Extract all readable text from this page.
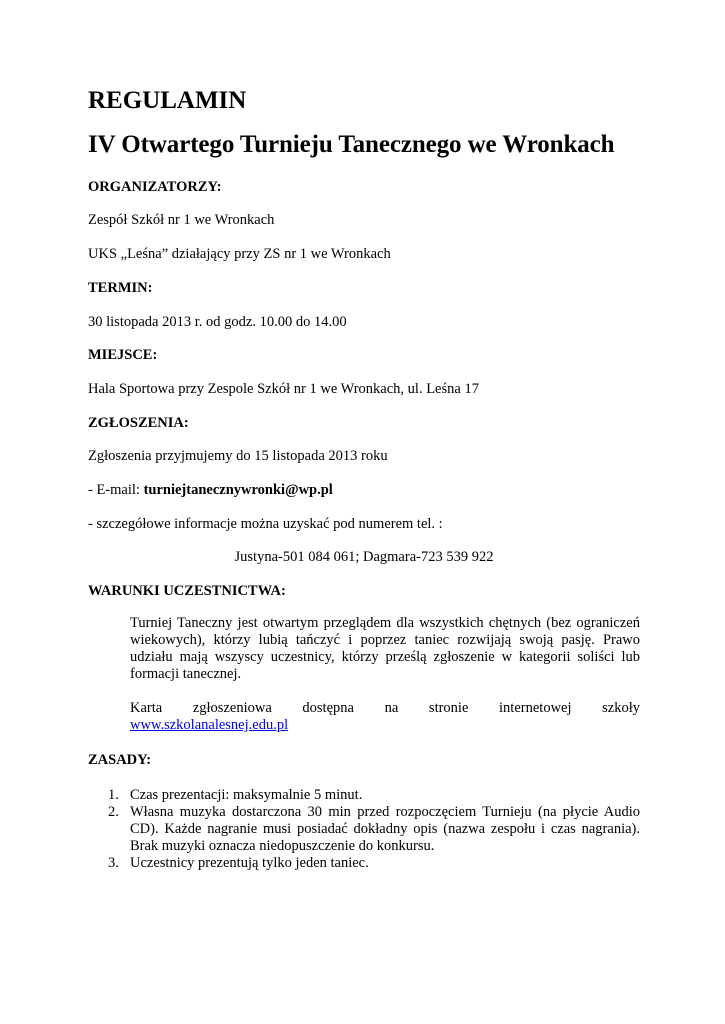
REGULAMIN
IV Otwartego Turnieju Tanecznego we Wronkach
ORGANIZATORZY:
Zespół Szkół nr 1 we Wronkach
UKS „Leśna” działający przy ZS nr 1 we Wronkach
TERMIN:
30 listopada 2013 r. od godz. 10.00 do 14.00
MIEJSCE:
Hala Sportowa przy Zespole Szkół nr 1 we Wronkach, ul. Leśna 17
ZGŁOSZENIA:
Zgłoszenia przyjmujemy do 15 listopada 2013 roku
- E-mail: turniejtanecznywronki@wp.pl
- szczegółowe informacje można uzyskać pod numerem tel. :
Justyna-501 084 061; Dagmara-723 539 922
WARUNKI UCZESTNICTWA:
Turniej Taneczny jest otwartym przeglądem dla wszystkich chętnych (bez ograniczeń wiekowych), którzy lubią tańczyć i poprzez taniec rozwijają swoją pasję. Prawo udziału mają wszyscy uczestnicy, którzy prześlą zgłoszenie w kategorii soliści lub formacji tanecznej.
Karta zgłoszeniowa dostępna na stronie internetowej szkoły
www.szkolanalesnej.edu.pl
ZASADY:
1. Czas prezentacji: maksymalnie 5 minut.
2. Własna muzyka dostarczona 30 min przed rozpoczęciem Turnieju (na płycie Audio CD). Każde nagranie musi posiadać dokładny opis (nazwa zespołu i czas nagrania). Brak muzyki oznacza niedopuszczenie do konkursu.
3. Uczestnicy prezentują tylko jeden taniec.
